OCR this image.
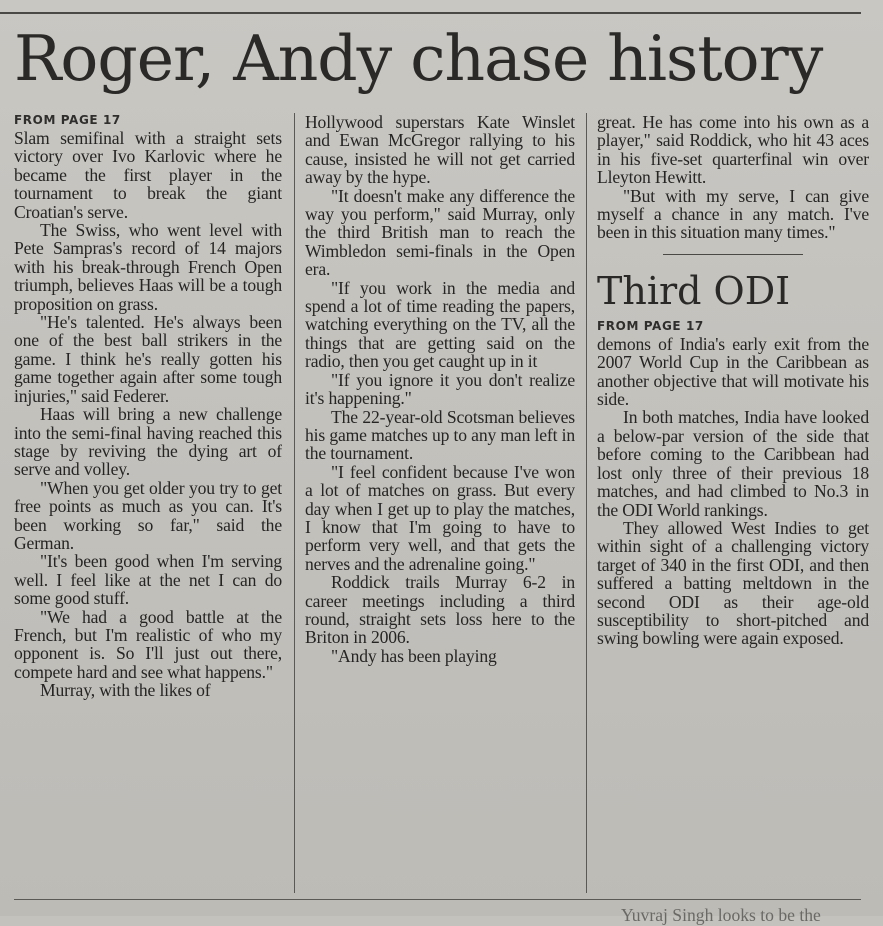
Roger, Andy chase history
FROM PAGE 17

Slam semifinal with a straight sets victory over Ivo Karlovic where he became the first player in the tournament to break the giant Croatian's serve.

The Swiss, who went level with Pete Sampras's record of 14 majors with his break-through French Open triumph, believes Haas will be a tough proposition on grass.

"He's talented. He's always been one of the best ball strikers in the game. I think he's really gotten his game together again after some tough injuries," said Federer.

Haas will bring a new challenge into the semi-final having reached this stage by reviving the dying art of serve and volley.

"When you get older you try to get free points as much as you can. It's been working so far," said the German.

"It's been good when I'm serving well. I feel like at the net I can do some good stuff.

"We had a good battle at the French, but I'm realistic of who my opponent is. So I'll just out there, compete hard and see what happens."

Murray, with the likes of

Hollywood superstars Kate Winslet and Ewan McGregor rallying to his cause, insisted he will not get carried away by the hype.

"It doesn't make any difference the way you perform," said Murray, only the third British man to reach the Wimbledon semi-finals in the Open era.

"If you work in the media and spend a lot of time reading the papers, watching everything on the TV, all the things that are getting said on the radio, then you get caught up in it

"If you ignore it you don't realize it's happening."

The 22-year-old Scotsman believes his game matches up to any man left in the tournament.

"I feel confident because I've won a lot of matches on grass. But every day when I get up to play the matches, I know that I'm going to have to perform very well, and that gets the nerves and the adrenaline going."

Roddick trails Murray 6-2 in career meetings including a third round, straight sets loss here to the Briton in 2006.

"Andy has been playing

great. He has come into his own as a player," said Roddick, who hit 43 aces in his five-set quarterfinal win over Lleyton Hewitt.

"But with my serve, I can give myself a chance in any match. I've been in this situation many times."

Third ODI
FROM PAGE 17

demons of India's early exit from the 2007 World Cup in the Caribbean as another objective that will motivate his side.

In both matches, India have looked a below-par version of the side that before coming to the Caribbean had lost only three of their previous 18 matches, and had climbed to No.3 in the ODI World rankings.

They allowed West Indies to get within sight of a challenging victory target of 340 in the first ODI, and then suffered a batting meltdown in the second ODI as their age-old susceptibility to short-pitched and swing bowling were again exposed.

Yuvraj Singh looks to be the
